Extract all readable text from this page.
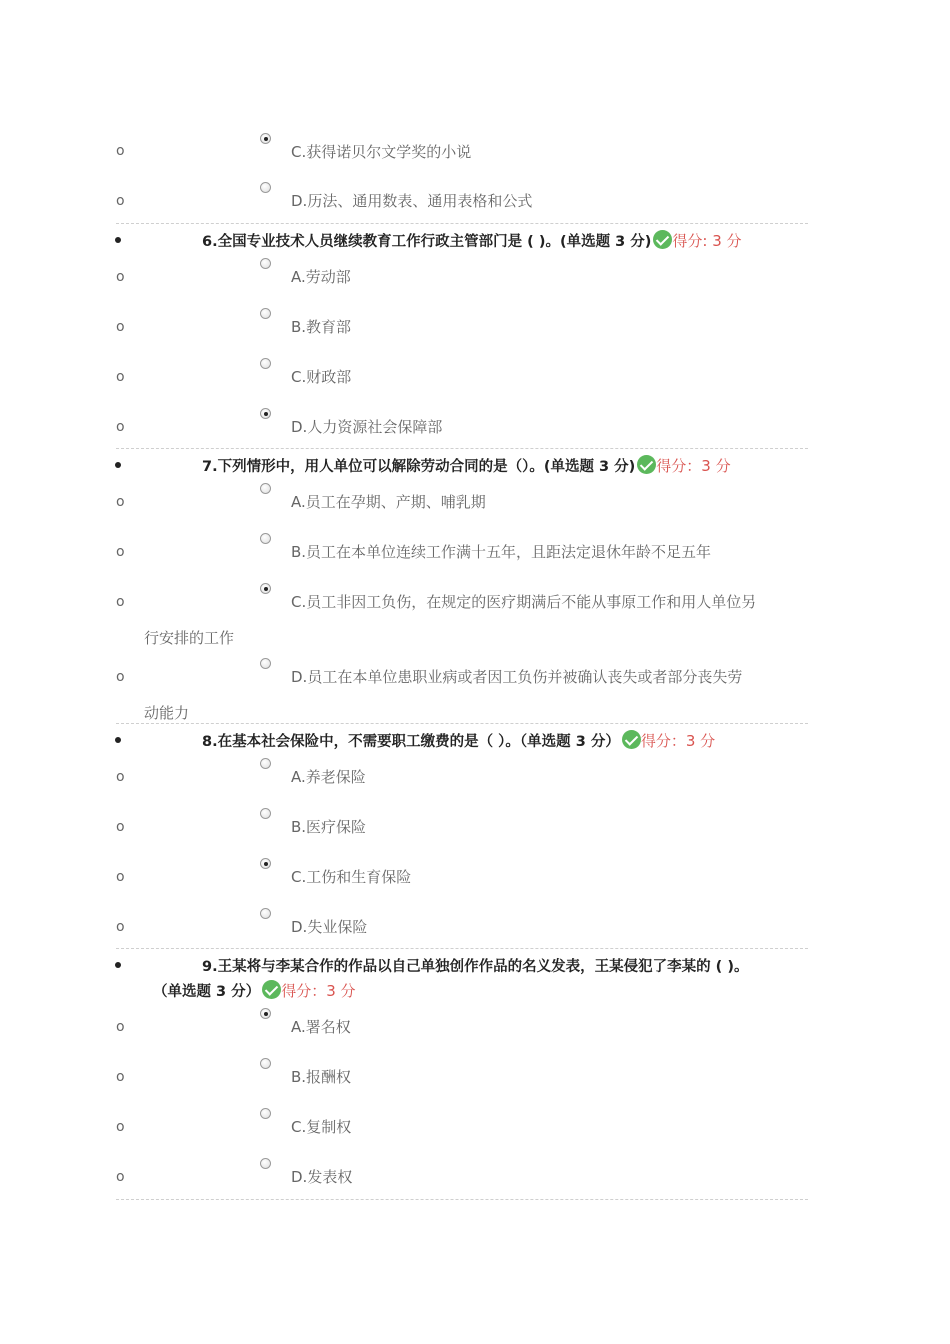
o	C.获得诺贝尔文学奖的小说
o	D.历法、通用数表、通用表格和公式
6.全国专业技术人员继续教育工作行政主管部门是 ( )。(单选题 3 分) 得分: 3 分
o	A.劳动部
o	B.教育部
o	C.财政部
o	D.人力资源社会保障部
7.下列情形中，用人单位可以解除劳动合同的是（）。(单选题 3 分) 得分：3 分
o	A.员工在孕期、产期、哺乳期
o	B.员工在本单位连续工作满十五年，且距法定退休年龄不足五年
o	C.员工非因工负伤，在规定的医疗期满后不能从事原工作和用人单位另
行安排的工作
o	D.员工在本单位患职业病或者因工负伤并被确认丧失或者部分丧失劳
动能力
8.在基本社会保险中，不需要职工缴费的是（ ）。（单选题 3 分） 得分：3 分
o	A.养老保险
o	B.医疗保险
o	C.工伤和生育保险
o	D.失业保险
9.王某将与李某合作的作品以自己单独创作作品的名义发表，王某侵犯了李某的 ( )。
（单选题 3 分） 得分：3 分
o	A.署名权
o	B.报酬权
o	C.复制权
o	D.发表权
